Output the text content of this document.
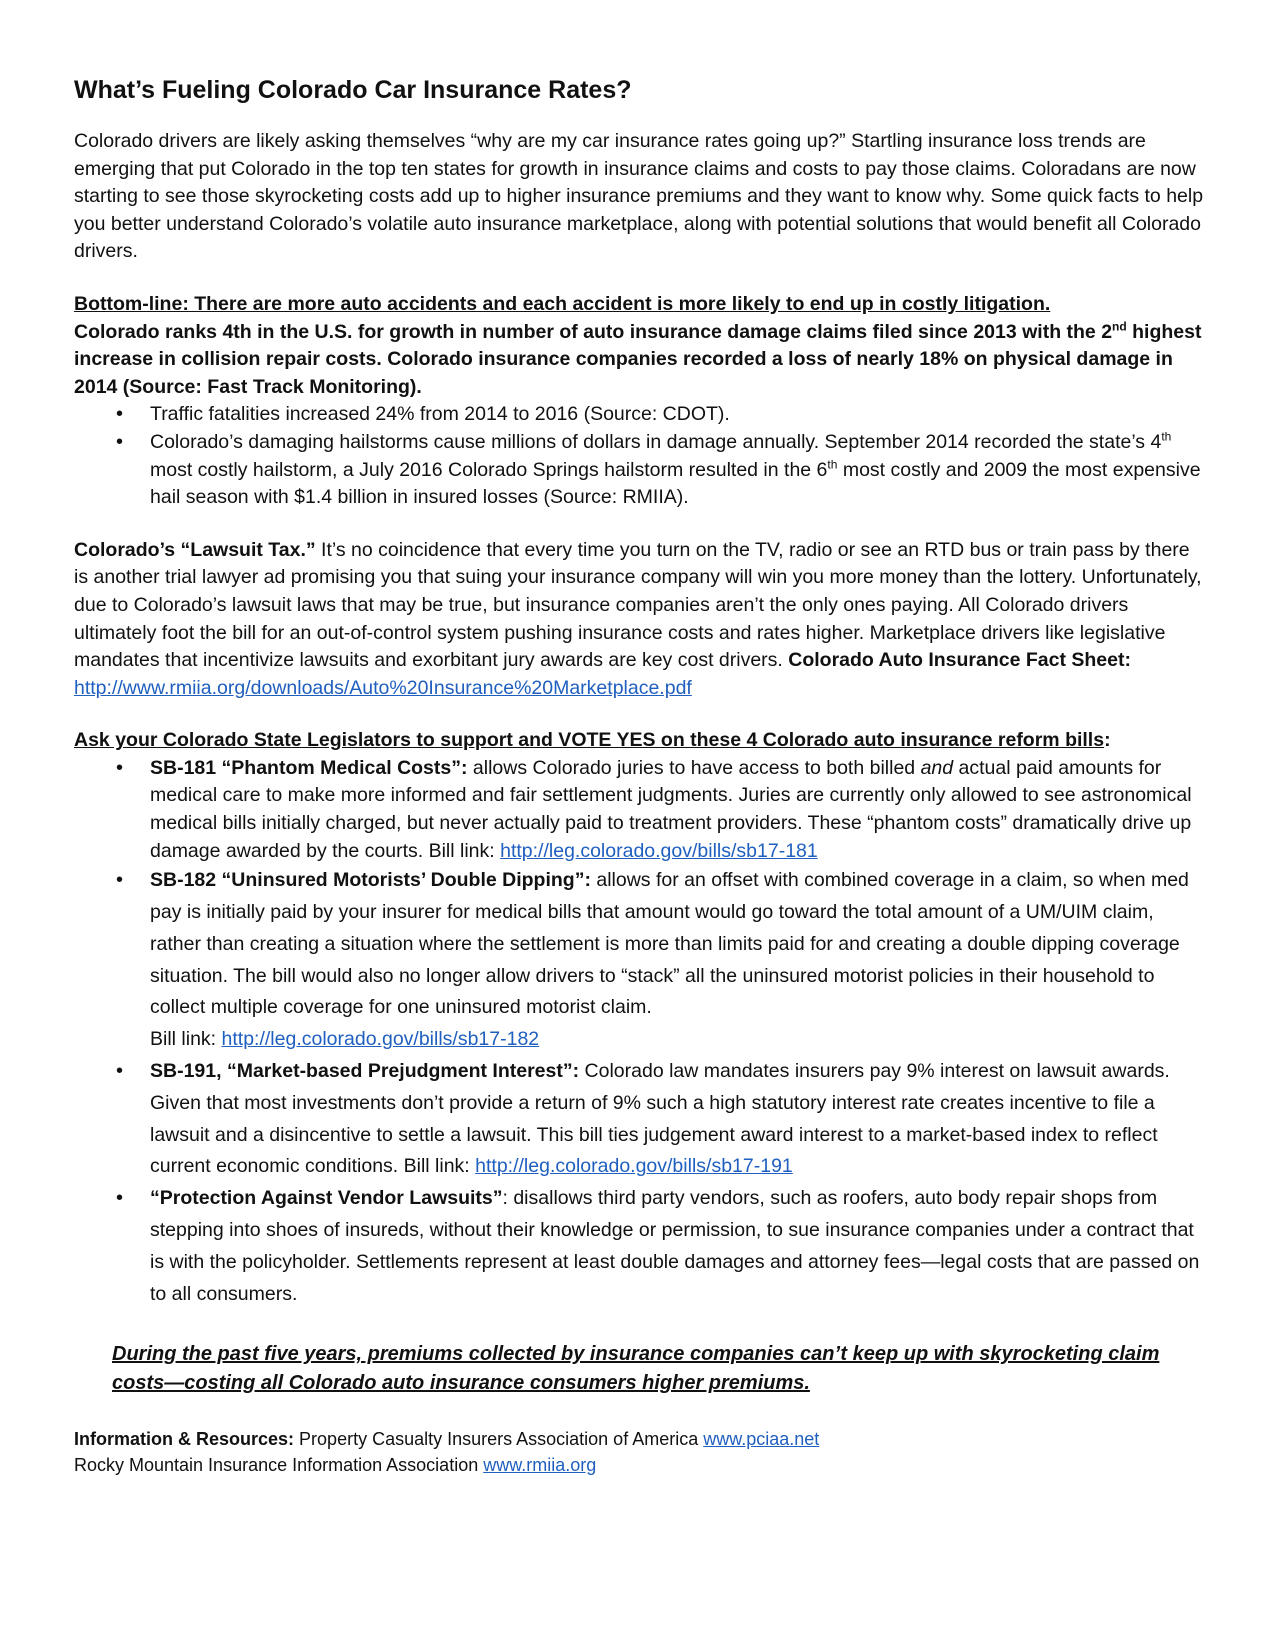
What’s Fueling Colorado Car Insurance Rates?

Colorado drivers are likely asking themselves “why are my car insurance rates going up?” Startling insurance loss trends are emerging that put Colorado in the top ten states for growth in insurance claims and costs to pay those claims. Coloradans are now starting to see those skyrocketing costs add up to higher insurance premiums and they want to know why. Some quick facts to help you better understand Colorado’s volatile auto insurance marketplace, along with potential solutions that would benefit all Colorado drivers.

Bottom-line: There are more auto accidents and each accident is more likely to end up in costly litigation.

Colorado ranks 4th in the U.S. for growth in number of auto insurance damage claims filed since 2013 with the 2nd highest increase in collision repair costs. Colorado insurance companies recorded a loss of nearly 18% on physical damage in 2014 (Source: Fast Track Monitoring).

• Traffic fatalities increased 24% from 2014 to 2016 (Source: CDOT).
• Colorado’s damaging hailstorms cause millions of dollars in damage annually. September 2014 recorded the state’s 4th most costly hailstorm, a July 2016 Colorado Springs hailstorm resulted in the 6th most costly and 2009 the most expensive hail season with $1.4 billion in insured losses (Source: RMIIA).

Colorado’s “Lawsuit Tax.” It’s no coincidence that every time you turn on the TV, radio or see an RTD bus or train pass by there is another trial lawyer ad promising you that suing your insurance company will win you more money than the lottery. Unfortunately, due to Colorado’s lawsuit laws that may be true, but insurance companies aren’t the only ones paying. All Colorado drivers ultimately foot the bill for an out-of-control system pushing insurance costs and rates higher. Marketplace drivers like legislative mandates that incentivize lawsuits and exorbitant jury awards are key cost drivers. Colorado Auto Insurance Fact Sheet: http://www.rmiia.org/downloads/Auto%20Insurance%20Marketplace.pdf

Ask your Colorado State Legislators to support and VOTE YES on these 4 Colorado auto insurance reform bills:

• SB-181 “Phantom Medical Costs”: allows Colorado juries to have access to both billed and actual paid amounts for medical care to make more informed and fair settlement judgments. Juries are currently only allowed to see astronomical medical bills initially charged, but never actually paid to treatment providers. These “phantom costs” dramatically drive up damage awarded by the courts. Bill link: http://leg.colorado.gov/bills/sb17-181
• SB-182 “Uninsured Motorists’ Double Dipping”: allows for an offset with combined coverage in a claim, so when med pay is initially paid by your insurer for medical bills that amount would go toward the total amount of a UM/UIM claim, rather than creating a situation where the settlement is more than limits paid for and creating a double dipping coverage situation. The bill would also no longer allow drivers to “stack” all the uninsured motorist policies in their household to collect multiple coverage for one uninsured motorist claim.
Bill link: http://leg.colorado.gov/bills/sb17-182
• SB-191, “Market-based Prejudgment Interest”: Colorado law mandates insurers pay 9% interest on lawsuit awards. Given that most investments don’t provide a return of 9% such a high statutory interest rate creates incentive to file a lawsuit and a disincentive to settle a lawsuit. This bill ties judgement award interest to a market-based index to reflect current economic conditions. Bill link: http://leg.colorado.gov/bills/sb17-191
• “Protection Against Vendor Lawsuits”: disallows third party vendors, such as roofers, auto body repair shops from stepping into shoes of insureds, without their knowledge or permission, to sue insurance companies under a contract that is with the policyholder. Settlements represent at least double damages and attorney fees—legal costs that are passed on to all consumers.

During the past five years, premiums collected by insurance companies can’t keep up with skyrocketing claim costs—costing all Colorado auto insurance consumers higher premiums.

Information & Resources: Property Casualty Insurers Association of America www.pciaa.net

Rocky Mountain Insurance Information Association www.rmiia.org
